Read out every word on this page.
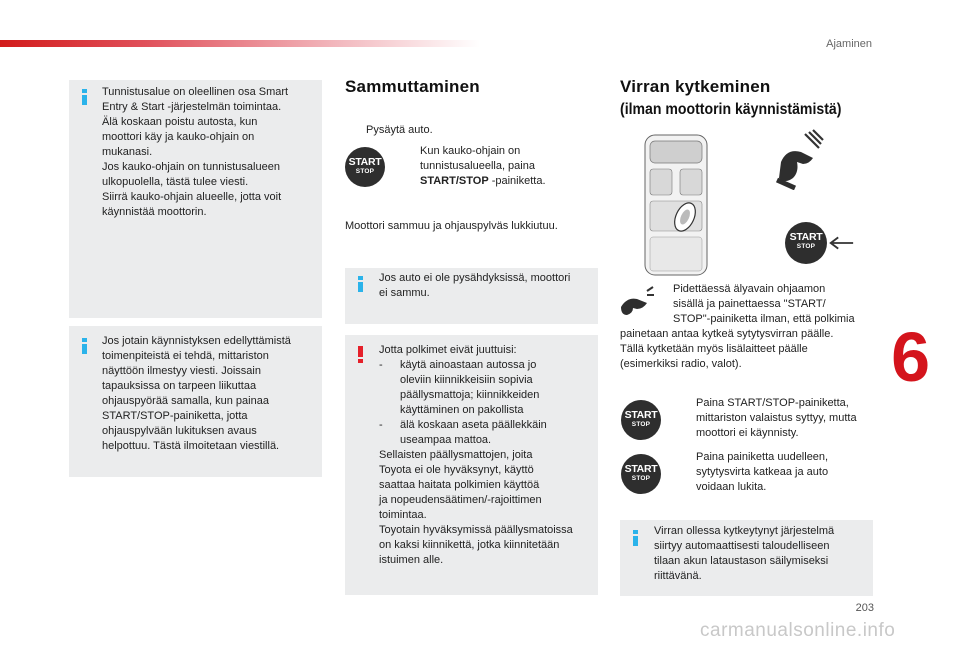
Ajaminen
6

Tunnistusalue on oleellinen osa Smart

Entry & Start -järjestelmän toimintaa.

Älä koskaan poistu autosta, kun

moottori käy ja kauko-ohjain on

mukanasi.

Jos kauko-ohjain on tunnistusalueen

ulkopuolella, tästä tulee viesti.

Siirrä kauko-ohjain alueelle, jotta voit

käynnistää moottorin.

Jos jotain käynnistyksen edellyttämistä

toimenpiteistä ei tehdä, mittariston

näyttöön ilmestyy viesti. Joissain

tapauksissa on tarpeen liikuttaa

ohjauspyörää samalla, kun painaa

START/STOP-painiketta, jotta

ohjauspylvään lukituksen avaus

helpottuu. Tästä ilmoitetaan viestillä.

Sammuttaminen
Pysäytä auto.
START
STOP
Kun kauko-ohjain on
tunnistusalueella, paina
START/STOP -painiketta.
Moottori sammuu ja ohjauspylväs lukkiutuu.

Jos auto ei ole pysähdyksissä, moottori

ei sammu.

Jotta polkimet eivät juuttuisi:

- käytä ainoastaan autossa jo

oleviin kiinnikkeisiin sopivia

päällysmattoja; kiinnikkeiden

käyttäminen on pakollista

- älä koskaan aseta päällekkäin

useampaa mattoa.

Sellaisten päällysmattojen, joita

Toyota ei ole hyväksynyt, käyttö

saattaa haitata polkimien käyttöä

ja nopeudensäätimen/-rajoittimen

toimintaa.

Toyotain hyväksymissä päällysmatoissa

on kaksi kiinnikettä, jotka kiinnitetään

istuimen alle.

Virran kytkeminen
(ilman moottorin käynnistämistä)
START
STOP
Pidettäessä älyavain ohjaamon
sisällä ja painettaessa "START/
STOP"-painiketta ilman, että polkimia
painetaan antaa kytkeä sytytysvirran päälle.
Tällä kytketään myös lisälaitteet päälle
(esimerkiksi radio, valot).
START
STOP
Paina START/STOP-painiketta,
mittariston valaistus syttyy, mutta
moottori ei käynnisty.
START
STOP
Paina painiketta uudelleen,
sytytysvirta katkeaa ja auto
voidaan lukita.

Virran ollessa kytkeytynyt järjestelmä

siirtyy automaattisesti taloudelliseen

tilaan akun lataustason säilymiseksi

riittävänä.

203
carmanualsonline.info
